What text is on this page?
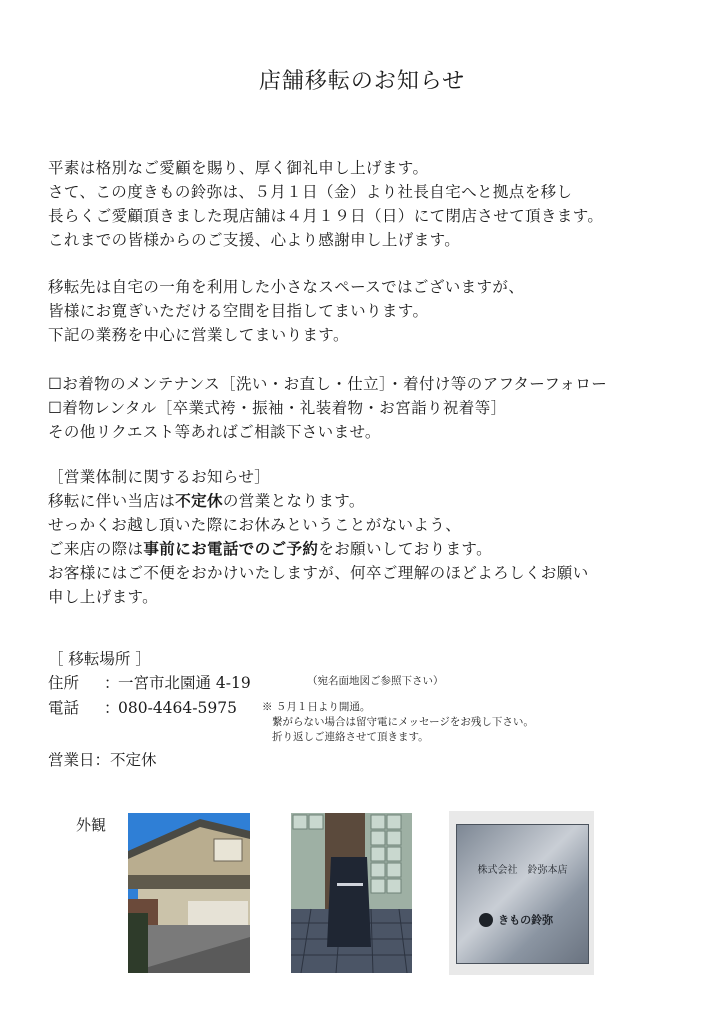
店舗移転のお知らせ
平素は格別なご愛顧を賜り、厚く御礼申し上げます。
さて、この度きもの鈴弥は、５月１日（金）より社長自宅へと拠点を移し
長らくご愛顧頂きました現店舗は４月１９日（日）にて閉店させて頂きます。
これまでの皆様からのご支援、心より感謝申し上げます。
移転先は自宅の一角を利用した小さなスペースではございますが、
皆様にお寛ぎいただける空間を目指してまいります。
下記の業務を中心に営業してまいります。
☐お着物のメンテナンス［洗い・お直し・仕立］・着付け等のアフターフォロー
☐着物レンタル［卒業式袴・振袖・礼装着物・お宮詣り祝着等］
その他リクエスト等あればご相談下さいませ。
［営業体制に関するお知らせ］
移転に伴い当店は不定休の営業となります。
せっかくお越し頂いた際にお休みということがないよう、
ご来店の際は事前にお電話でのご予約をお願いしております。
お客様にはご不便をおかけいたしますが、何卒ご理解のほどよろしくお願い
申し上げます。
［ 移転場所 ］
住所 ：一宮市北園通 4-19	（宛名面地図ご参照下さい）
電話 ：080-4464-5975 ※ ５月１日より開通。
繋がらない場合は留守電にメッセージをお残し下さい。
折り返しご連絡させて頂きます。
営業日：不定休
外観
株式会社　鈴弥本店
きもの鈴弥
